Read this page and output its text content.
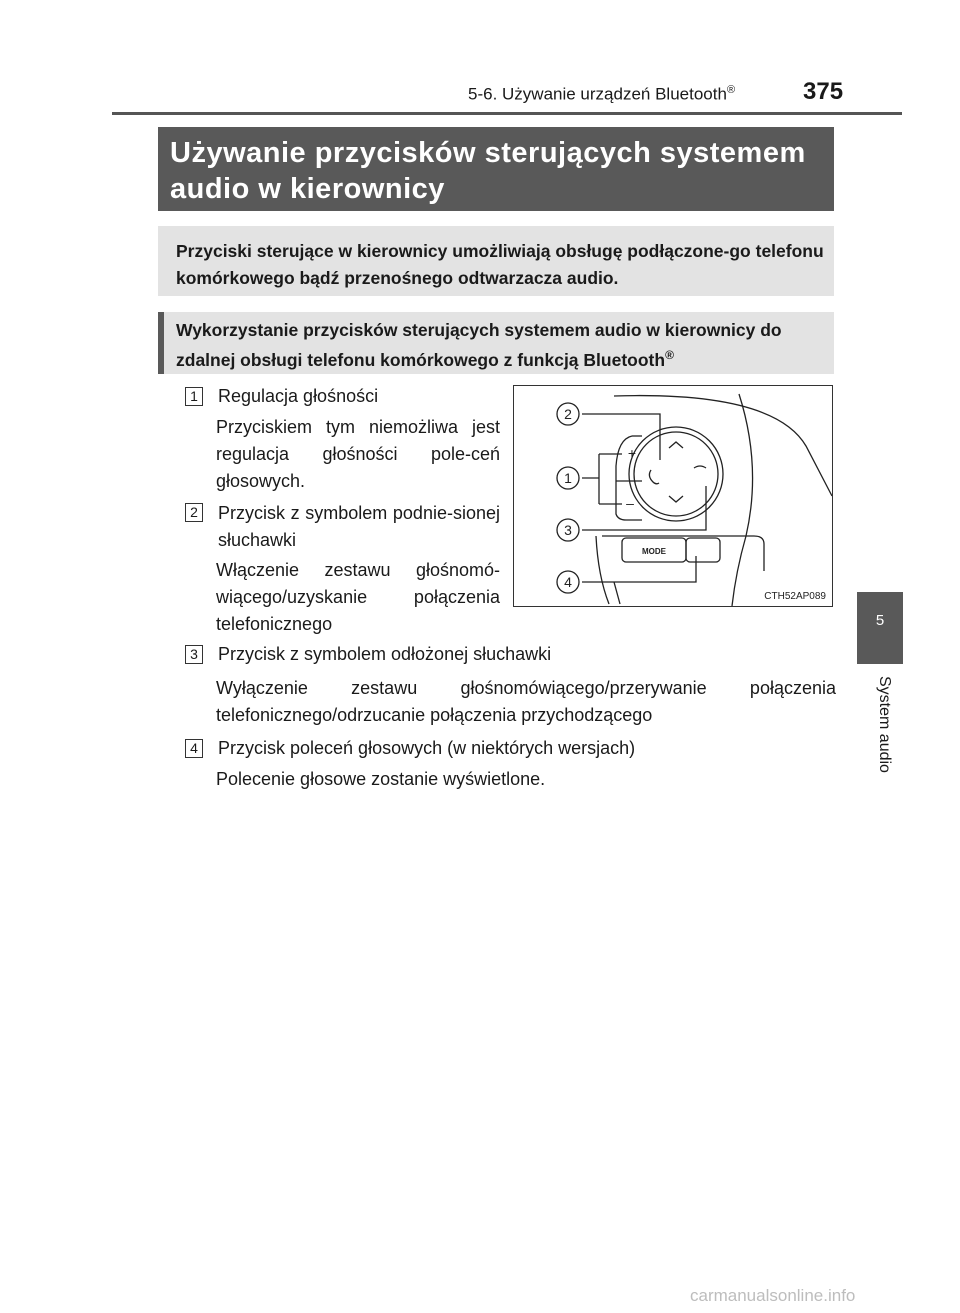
5-6. Używanie urządzeń Bluetooth®	375
Używanie przycisków sterujących systemem audio w kierownicy
Przyciski sterujące w kierownicy umożliwiają obsługę podłączone-go telefonu komórkowego bądź przenośnego odtwarzacza audio.
Wykorzystanie przycisków sterujących systemem audio w kierownicy do zdalnej obsługi telefonu komórkowego z funkcją Bluetooth®
1 Regulacja głośności
Przyciskiem tym niemożliwa jest regulacja głośności pole-ceń głosowych.
2 Przycisk z symbolem podnie-sionej słuchawki
Włączenie zestawu głośnomó-wiącego/uzyskanie połączenia telefonicznego
3 Przycisk z symbolem odłożonej słuchawki
Wyłączenie zestawu głośnomówiącego/przerywanie połączenia telefonicznego/odrzucanie połączenia przychodzącego
4 Przycisk poleceń głosowych (w niektórych wersjach)
Polecenie głosowe zostanie wyświetlone.
2
1
3
4
+
–
MODE
CTH52AP089
5
System audio
carmanualsonline.info
